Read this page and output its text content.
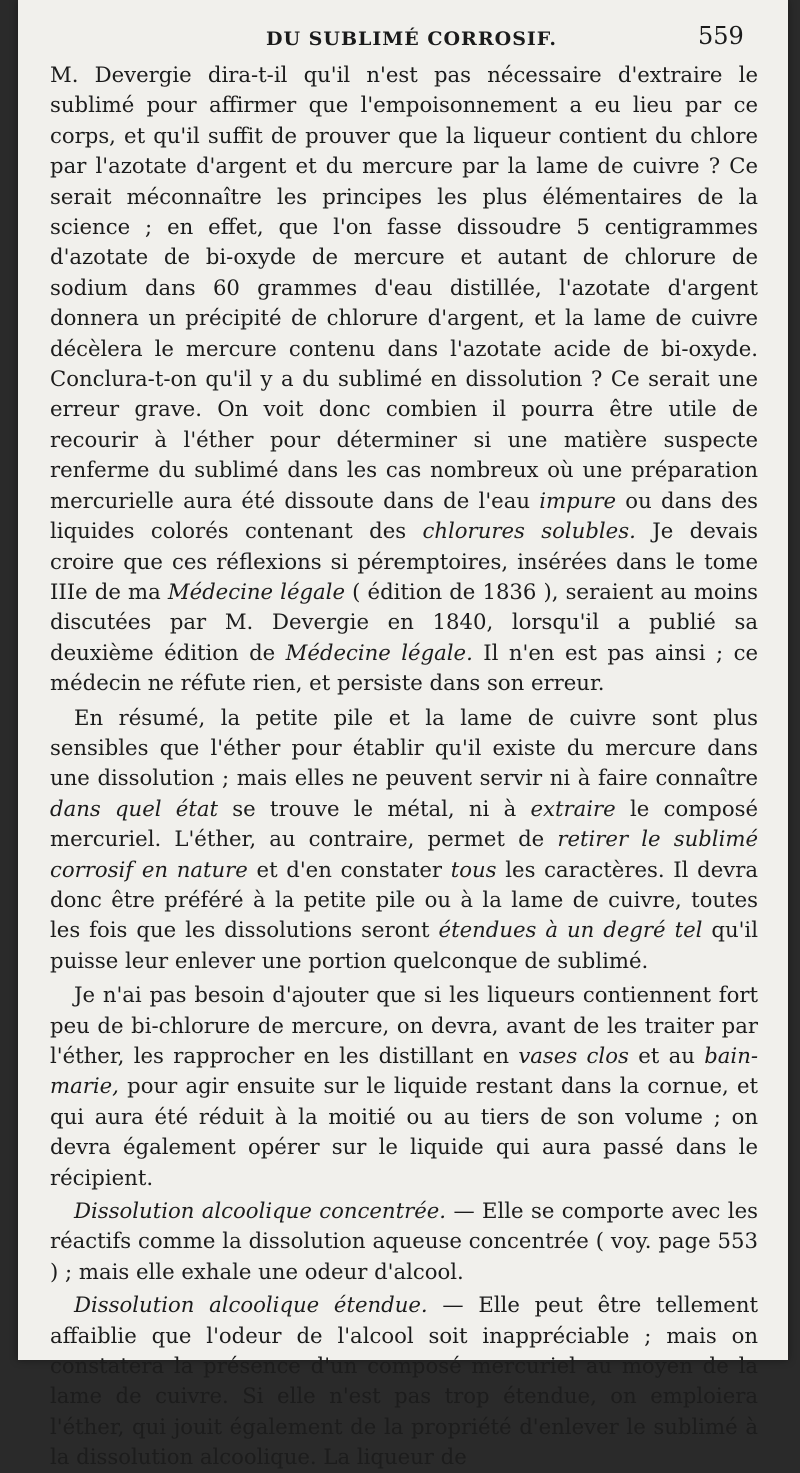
DU SUBLIMÉ CORROSIF.	559

M. Devergie dira-t-il qu'il n'est pas nécessaire d'extraire le sublimé pour affirmer que l'empoisonnement a eu lieu par ce corps, et qu'il suffit de prouver que la liqueur contient du chlore par l'azotate d'argent et du mercure par la lame de cuivre ? Ce serait méconnaître les principes les plus élémentaires de la science ; en effet, que l'on fasse dissoudre 5 centigrammes d'azotate de bi-oxyde de mercure et autant de chlorure de sodium dans 60 grammes d'eau distillée, l'azotate d'argent donnera un précipité de chlorure d'argent, et la lame de cuivre décèlera le mercure contenu dans l'azotate acide de bi-oxyde. Conclura-t-on qu'il y a du sublimé en dissolution ? Ce serait une erreur grave. On voit donc combien il pourra être utile de recourir à l'éther pour déterminer si une matière suspecte renferme du sublimé dans les cas nombreux où une préparation mercurielle aura été dissoute dans de l'eau impure ou dans des liquides colorés contenant des chlorures solubles. Je devais croire que ces réflexions si péremptoires, insérées dans le tome IIIe de ma Médecine légale ( édition de 1836 ), seraient au moins discutées par M. Devergie en 1840, lorsqu'il a publié sa deuxième édition de Médecine légale. Il n'en est pas ainsi ; ce médecin ne réfute rien, et persiste dans son erreur.

En résumé, la petite pile et la lame de cuivre sont plus sensibles que l'éther pour établir qu'il existe du mercure dans une dissolution ; mais elles ne peuvent servir ni à faire connaître dans quel état se trouve le métal, ni à extraire le composé mercuriel. L'éther, au contraire, permet de retirer le sublimé corrosif en nature et d'en constater tous les caractères. Il devra donc être préféré à la petite pile ou à la lame de cuivre, toutes les fois que les dissolutions seront étendues à un degré tel qu'il puisse leur enlever une portion quelconque de sublimé.

Je n'ai pas besoin d'ajouter que si les liqueurs contiennent fort peu de bi-chlorure de mercure, on devra, avant de les traiter par l'éther, les rapprocher en les distillant en vases clos et au bain-marie, pour agir ensuite sur le liquide restant dans la cornue, et qui aura été réduit à la moitié ou au tiers de son volume ; on devra également opérer sur le liquide qui aura passé dans le récipient.

Dissolution alcoolique concentrée. — Elle se comporte avec les réactifs comme la dissolution aqueuse concentrée ( voy. page 553 ) ; mais elle exhale une odeur d'alcool.

Dissolution alcoolique étendue. — Elle peut être tellement affaiblie que l'odeur de l'alcool soit inappréciable ; mais on constatera la présence d'un composé mercuriel au moyen de la lame de cuivre. Si elle n'est pas trop étendue, on emploiera l'éther, qui jouit également de la propriété d'enlever le sublimé à la dissolution alcoolique. La liqueur de
